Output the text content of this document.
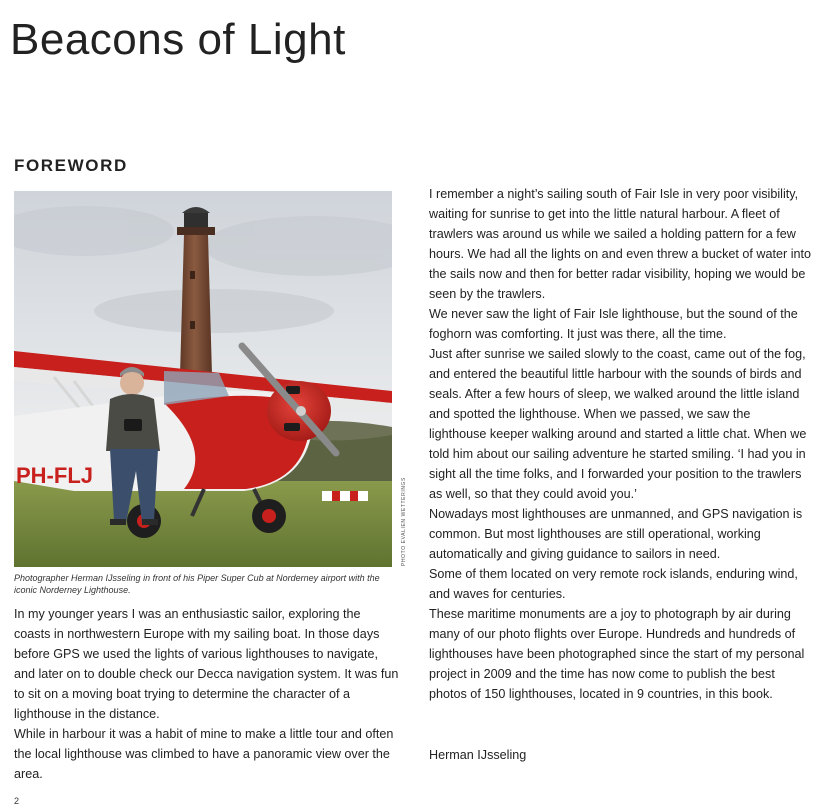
Beacons of Light
FOREWORD
PH-FLJ
PHOTO EVALIEN WETTERINGS

Photographer Herman IJsseling in front of his Piper Super Cub at Norderney airport with the iconic Norderney Lighthouse.

In my younger years I was an enthusiastic sailor, exploring the coasts in northwestern Europe with my sailing boat. In those days before GPS we used the lights of various lighthouses to navigate, and later on to double check our Decca navigation system. It was fun to sit on a moving boat trying to determine the character of a lighthouse in the distance.

While in harbour it was a habit of mine to make a little tour and often the local lighthouse was climbed to have a panoramic view over the area.

I remember a night’s sailing south of Fair Isle in very poor visibility, waiting for sunrise to get into the little natural harbour. A fleet of trawlers was around us while we sailed a holding pattern for a few hours. We had all the lights on and even threw a bucket of water into the sails now and then for better radar visibility, hoping we would be seen by the trawlers.

We never saw the light of Fair Isle lighthouse, but the sound of the foghorn was comforting. It just was there, all the time.

Just after sunrise we sailed slowly to the coast, came out of the fog, and entered the beautiful little harbour with the sounds of birds and seals. After a few hours of sleep, we walked around the little island and spotted the lighthouse. When we passed, we saw the lighthouse keeper walking around and started a little chat. When we told him about our sailing adventure he started smiling. ‘I had you in sight all the time folks, and I forwarded your position to the trawlers as well, so that they could avoid you.’

Nowadays most lighthouses are unmanned, and GPS navigation is common. But most lighthouses are still operational, working automatically and giving guidance to sailors in need.

Some of them located on very remote rock islands, enduring wind, and waves for centuries.

These maritime monuments are a joy to photograph by air during many of our photo flights over Europe. Hundreds and hundreds of lighthouses have been photographed since the start of my personal project in 2009 and the time has now come to publish the best photos of 150 lighthouses, located in 9 countries, in this book.

Herman IJsseling

2
